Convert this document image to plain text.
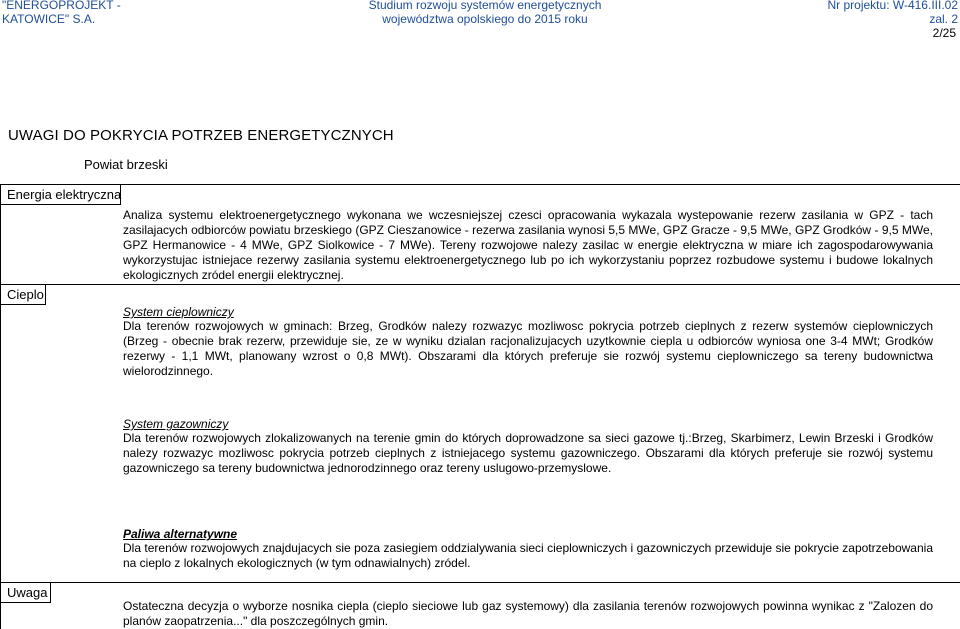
"ENERGOPROJEKT -
KATOWICE" S.A.
Studium rozwoju systemów energetycznych
województwa opolskiego do 2015 roku
Nr projektu: W-416.III.02
zal. 2
2/25
UWAGI DO POKRYCIA POTRZEB ENERGETYCZNYCH
Powiat brzeski
Energia elektryczna
Analiza systemu elektroenergetycznego wykonana we wczesniejszej czesci opracowania wykazala wystepowanie rezerw zasilania w GPZ - tach zasilajacych odbiorców powiatu brzeskiego (GPZ Cieszanowice - rezerwa zasilania wynosi 5,5 MWe, GPZ Gracze - 9,5 MWe, GPZ Grodków - 9,5 MWe, GPZ Hermanowice - 4 MWe, GPZ Siolkowice - 7 MWe). Tereny rozwojowe nalezy zasilac w energie elektryczna w miare ich zagospodarowywania wykorzystujac istniejace rezerwy zasilania systemu elektroenergetycznego lub po ich wykorzystaniu poprzez rozbudowe systemu i budowe lokalnych ekologicznych zródel energii elektrycznej.
Cieplo
System cieplowniczy
Dla terenów rozwojowych w gminach: Brzeg, Grodków nalezy rozwazyc mozliwosc pokrycia potrzeb cieplnych z rezerw systemów cieplowniczych (Brzeg - obecnie brak rezerw, przewiduje sie, ze w wyniku dzialan racjonalizujacych uzytkownie ciepla u odbiorców wyniosa one 3-4 MWt; Grodków rezerwy - 1,1 MWt, planowany wzrost o 0,8 MWt). Obszarami dla których preferuje sie rozwój systemu cieplowniczego sa tereny budownictwa wielorodzinnego.
System gazowniczy
Dla terenów rozwojowych zlokalizowanych na terenie gmin do których doprowadzone sa sieci gazowe tj.:Brzeg, Skarbimerz, Lewin Brzeski i Grodków nalezy rozwazyc mozliwosc pokrycia potrzeb cieplnych z istniejacego systemu gazowniczego. Obszarami dla których preferuje sie rozwój systemu gazowniczego sa tereny budownictwa jednorodzinnego oraz tereny uslugowo-przemyslowe.
Paliwa alternatywne
Dla terenów rozwojowych znajdujacych sie poza zasiegiem oddzialywania sieci cieplowniczych i gazowniczych przewiduje sie pokrycie zapotrzebowania na cieplo z lokalnych ekologicznych (w tym odnawialnych) zródel.
Uwaga
Ostateczna decyzja o wyborze nosnika ciepla (cieplo sieciowe lub gaz systemowy) dla zasilania terenów rozwojowych powinna wynikac z "Zalozen do planów zaopatrzenia..." dla poszczególnych gmin.
